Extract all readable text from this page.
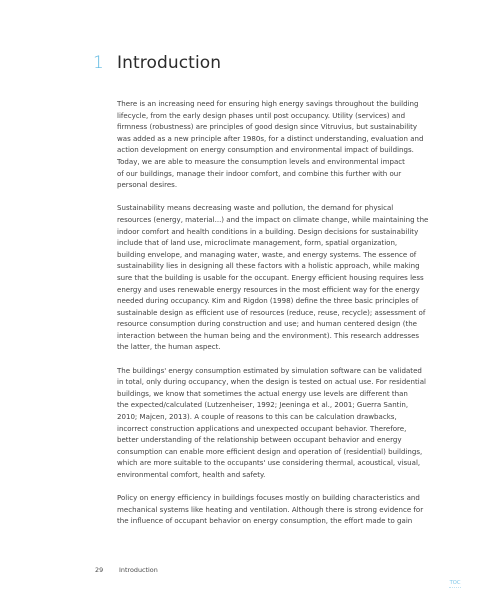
1 Introduction

There is an increasing need for ensuring high energy savings throughout the building
lifecycle, from the early design phases until post occupancy. Utility (services) and
firmness (robustness) are principles of good design since Vitruvius, but sustainability
was added as a new principle after 1980s, for a distinct understanding, evaluation and
action development on energy consumption and environmental impact of buildings.
Today, we are able to measure the consumption levels and environmental impact
of our buildings, manage their indoor comfort, and combine this further with our
personal desires.

Sustainability means decreasing waste and pollution, the demand for physical
resources (energy, material...) and the impact on climate change, while maintaining the
indoor comfort and health conditions in a building. Design decisions for sustainability
include that of land use, microclimate management, form, spatial organization,
building envelope, and managing water, waste, and energy systems. The essence of
sustainability lies in designing all these factors with a holistic approach, while making
sure that the building is usable for the occupant. Energy efficient housing requires less
energy and uses renewable energy resources in the most efficient way for the energy
needed during occupancy. Kim and Rigdon (1998) define the three basic principles of
sustainable design as efficient use of resources (reduce, reuse, recycle); assessment of
resource consumption during construction and use; and human centered design (the
interaction between the human being and the environment). This research addresses
the latter, the human aspect.

The buildings' energy consumption estimated by simulation software can be validated
in total, only during occupancy, when the design is tested on actual use. For residential
buildings, we know that sometimes the actual energy use levels are different than
the expected/calculated (Lutzenheiser, 1992; Jeeninga et al., 2001; Guerra Santin,
2010; Majcen, 2013). A couple of reasons to this can be calculation drawbacks,
incorrect construction applications and unexpected occupant behavior. Therefore,
better understanding of the relationship between occupant behavior and energy
consumption can enable more efficient design and operation of (residential) buildings,
which are more suitable to the occupants' use considering thermal, acoustical, visual,
environmental comfort, health and safety.

Policy on energy efficiency in buildings focuses mostly on building characteristics and
mechanical systems like heating and ventilation. Although there is strong evidence for
the influence of occupant behavior on energy consumption, the effort made to gain

29 Introduction
TOC
